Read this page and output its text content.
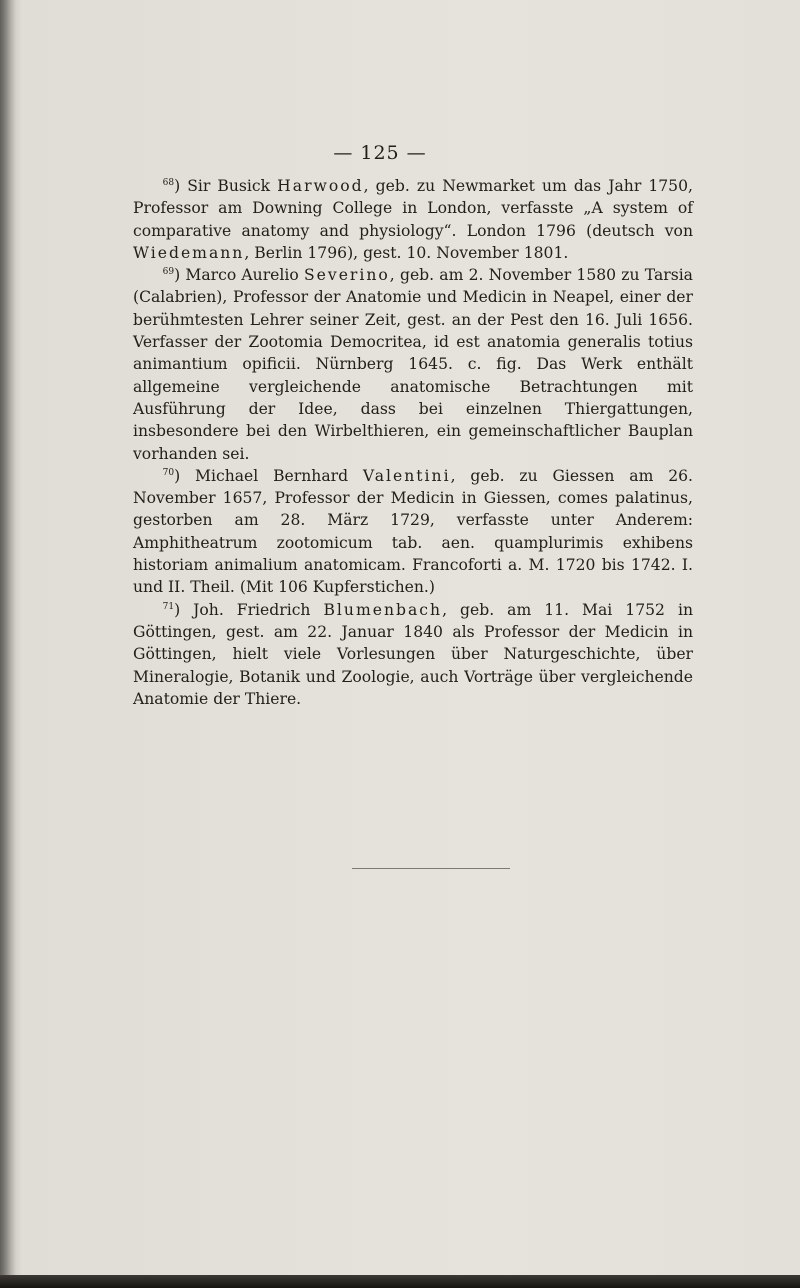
— 125 —

$^{68}$) Sir Busick Harwood, geb. zu Newmarket um das Jahr 1750, Professor am Downing College in London, verfasste „A system of comparative anatomy and physiology“. London 1796 (deutsch von Wiedemann, Berlin 1796), gest. 10. November 1801.

$^{69}$) Marco Aurelio Severino, geb. am 2. November 1580 zu Tarsia (Calabrien), Professor der Anatomie und Medicin in Neapel, einer der berühmtesten Lehrer seiner Zeit, gest. an der Pest den 16. Juli 1656. Verfasser der Zootomia Democritea, id est anatomia generalis totius animantium opificii. Nürnberg 1645. c. fig. Das Werk enthält allgemeine vergleichende anatomische Betrachtungen mit Ausführung der Idee, dass bei einzelnen Thiergattungen, insbesondere bei den Wirbelthieren, ein gemeinschaftlicher Bauplan vorhanden sei.

$^{70}$) Michael Bernhard Valentini, geb. zu Giessen am 26. November 1657, Professor der Medicin in Giessen, comes palatinus, gestorben am 28. März 1729, verfasste unter Anderem: Amphitheatrum zootomicum tab. aen. quamplurimis exhibens historiam animalium anatomicam. Francoforti a. M. 1720 bis 1742. I. und II. Theil. (Mit 106 Kupferstichen.)

$^{71}$) Joh. Friedrich Blumenbach, geb. am 11. Mai 1752 in Göttingen, gest. am 22. Januar 1840 als Professor der Medicin in Göttingen, hielt viele Vorlesungen über Naturgeschichte, über Mineralogie, Botanik und Zoologie, auch Vorträge über vergleichende Anatomie der Thiere.
